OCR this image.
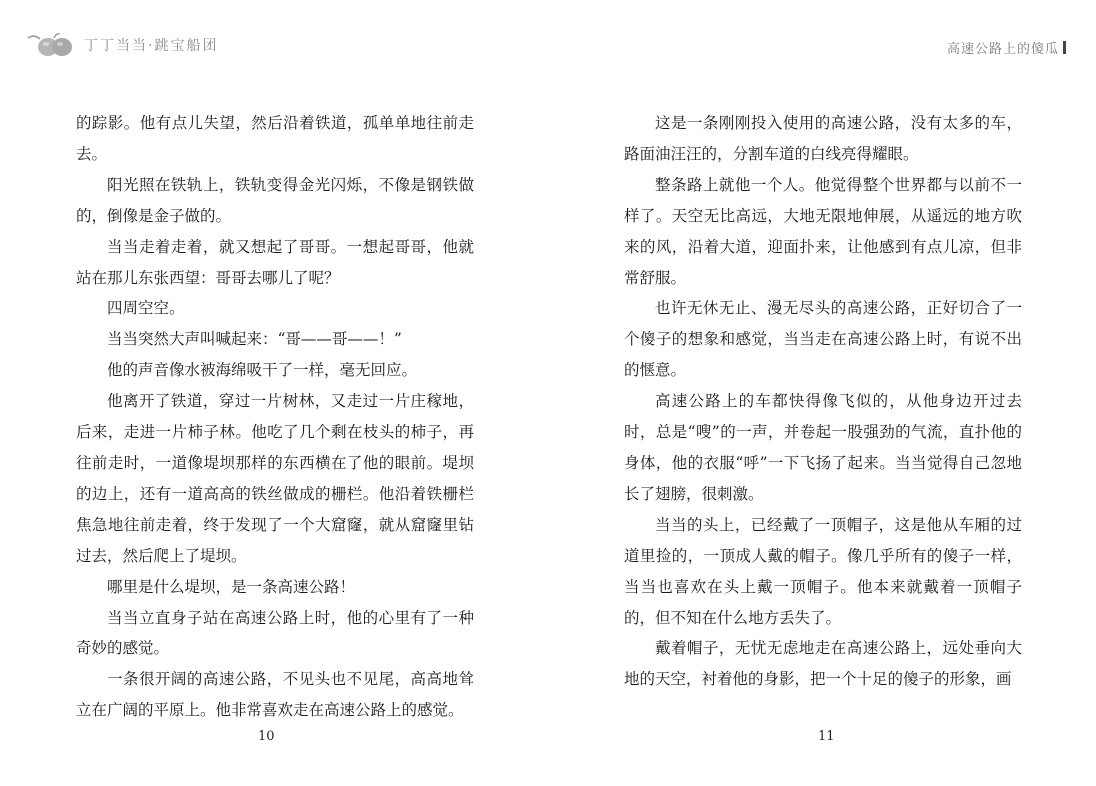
丁丁当当·跳宝船团

的踪影。他有点儿失望，然后沿着铁道，孤单单地往前走去。

阳光照在铁轨上，铁轨变得金光闪烁，不像是钢铁做的，倒像是金子做的。

当当走着走着，就又想起了哥哥。一想起哥哥，他就站在那儿东张西望：哥哥去哪儿了呢？

四周空空。

当当突然大声叫喊起来：“哥——哥——！”

他的声音像水被海绵吸干了一样，毫无回应。

他离开了铁道，穿过一片树林，又走过一片庄稼地，后来，走进一片柿子林。他吃了几个剩在枝头的柿子，再往前走时，一道像堤坝那样的东西横在了他的眼前。堤坝的边上，还有一道高高的铁丝做成的栅栏。他沿着铁栅栏焦急地往前走着，终于发现了一个大窟窿，就从窟窿里钻过去，然后爬上了堤坝。

哪里是什么堤坝，是一条高速公路！

当当立直身子站在高速公路上时，他的心里有了一种奇妙的感觉。

一条很开阔的高速公路，不见头也不见尾，高高地耸立在广阔的平原上。他非常喜欢走在高速公路上的感觉。

10
高速公路上的傻瓜

这是一条刚刚投入使用的高速公路，没有太多的车，路面油汪汪的，分割车道的白线亮得耀眼。

整条路上就他一个人。他觉得整个世界都与以前不一样了。天空无比高远，大地无限地伸展，从遥远的地方吹来的风，沿着大道，迎面扑来，让他感到有点儿凉，但非常舒服。

也许无休无止、漫无尽头的高速公路，正好切合了一个傻子的想象和感觉，当当走在高速公路上时，有说不出的惬意。

高速公路上的车都快得像飞似的，从他身边开过去时，总是“嗖”的一声，并卷起一股强劲的气流，直扑他的身体，他的衣服“呼”一下飞扬了起来。当当觉得自己忽地长了翅膀，很刺激。

当当的头上，已经戴了一顶帽子，这是他从车厢的过道里捡的，一顶成人戴的帽子。像几乎所有的傻子一样，当当也喜欢在头上戴一顶帽子。他本来就戴着一顶帽子的，但不知在什么地方丢失了。

戴着帽子，无忧无虑地走在高速公路上，远处垂向大地的天空，衬着他的身影，把一个十足的傻子的形象，画

11
